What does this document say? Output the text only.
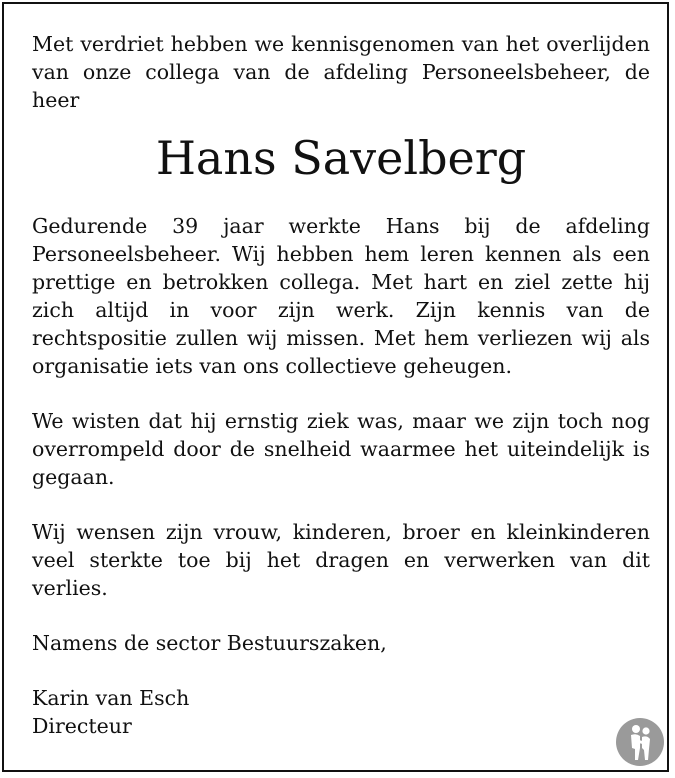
Met verdriet hebben we kennisgenomen van het overlijden van onze collega van de afdeling Personeelsbeheer, de heer

Hans Savelberg

Gedurende 39 jaar werkte Hans bij de afdeling Personeelsbeheer. Wij hebben hem leren kennen als een prettige en betrokken collega. Met hart en ziel zette hij zich altijd in voor zijn werk. Zijn kennis van de rechtspositie zullen wij missen. Met hem verliezen wij als organisatie iets van ons collectieve geheugen.

We wisten dat hij ernstig ziek was, maar we zijn toch nog overrompeld door de snelheid waarmee het uiteindelijk is gegaan.

Wij wensen zijn vrouw, kinderen, broer en kleinkinderen veel sterkte toe bij het dragen en verwerken van dit verlies.

Namens de sector Bestuurszaken,

Karin van Esch

Directeur
